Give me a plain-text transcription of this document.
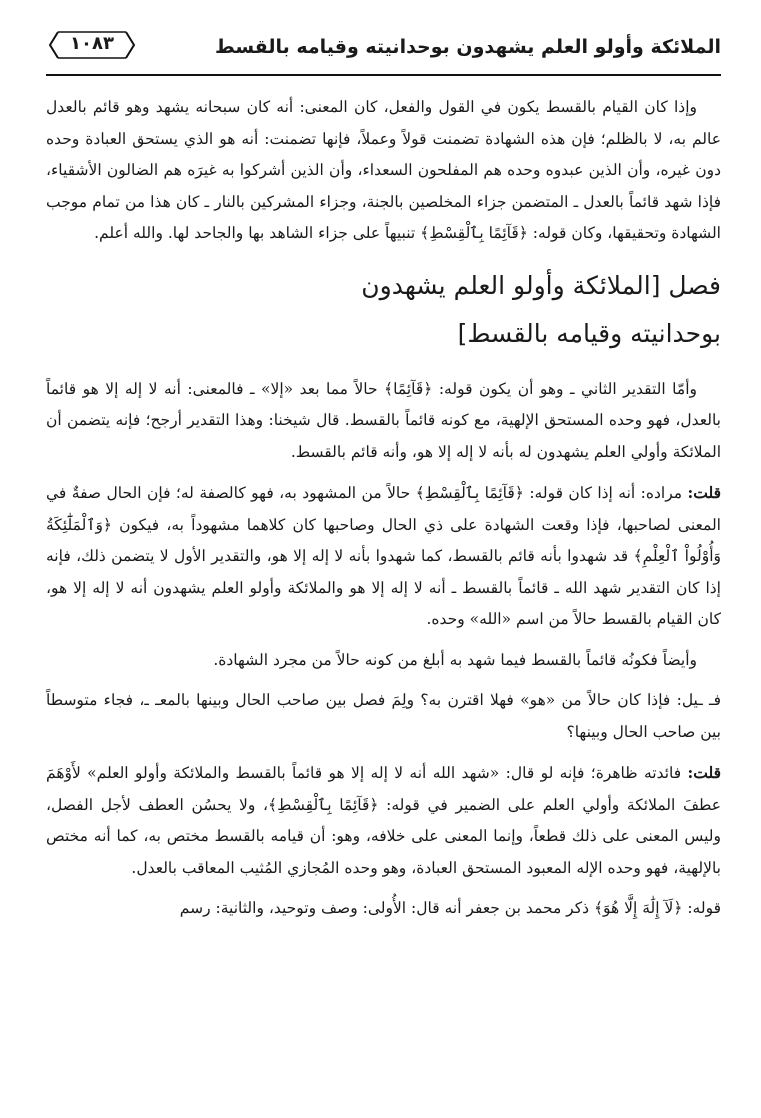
الملائكة وأولو العلم يشهدون بوحدانيته وقيامه بالقسط
١٠٨٣

وإذا كان القيام بالقسط يكون في القول والفعل، كان المعنى: أنه كان سبحانه يشهد وهو قائم بالعدل عالم به، لا بالظلم؛ فإن هذه الشهادة تضمنت قولاً وعملاً، فإنها تضمنت: أنه هو الذي يستحق العبادة وحده دون غيره، وأن الذين عبدوه وحده هم المفلحون السعداء، وأن الذين أشركوا به غيرَه هم الضالون الأشقياء، فإذا شهد قائماً بالعدل ـ المتضمن جزاء المخلصين بالجنة، وجزاء المشركين بالنار ـ كان هذا من تمام موجب الشهادة وتحقيقها، وكان قوله: ﴿قَآئِمًا بِٱلْقِسْطِ﴾ تنبيهاً على جزاء الشاهد بها والجاحد لها. والله أعلم.

فصل [الملائكة وأولو العلم يشهدون
بوحدانيته وقيامه بالقسط]

وأمّا التقدير الثاني ـ وهو أن يكون قوله: ﴿قَآئِمًا﴾ حالاً مما بعد «إلا» ـ فالمعنى: أنه لا إله إلا هو قائماً بالعدل، فهو وحده المستحق الإلهية، مع كونه قائماً بالقسط. قال شيخنا: وهذا التقدير أرجح؛ فإنه يتضمن أن الملائكة وأولي العلم يشهدون له بأنه لا إله إلا هو، وأنه قائم بالقسط.

قلت: مراده: أنه إذا كان قوله: ﴿قَآئِمًا بِٱلْقِسْطِ﴾ حالاً من المشهود به، فهو كالصفة له؛ فإن الحال صفةٌ في المعنى لصاحبها، فإذا وقعت الشهادة على ذي الحال وصاحبها كان كلاهما مشهوداً به، فيكون ﴿وَٱلْمَلَٰٓئِكَةُ وَأُوْلُواْ ٱلْعِلْمِ﴾ قد شهدوا بأنه قائم بالقسط، كما شهدوا بأنه لا إله إلا هو، والتقدير الأول لا يتضمن ذلك، فإنه إذا كان التقدير شهد الله ـ قائماً بالقسط ـ أنه لا إله إلا هو والملائكة وأولو العلم يشهدون أنه لا إله إلا هو، كان القيام بالقسط حالاً من اسم «الله» وحده.

وأيضاً فكونُه قائماً بالقسط فيما شهد به أبلغ من كونه حالاً من مجرد الشهادة.

فـ ـيل: فإذا كان حالاً من «هو» فهلا اقترن به؟ ولِمَ فصل بين صاحب الحال وبينها بالمعـ ـ، فجاء متوسطاً بين صاحب الحال وبينها؟

قلت: فائدته ظاهرة؛ فإنه لو قال: «شهد الله أنه لا إله إلا هو قائماً بالقسط والملائكة وأولو العلم» لأَوْهَمَ عطفَ الملائكة وأولي العلم على الضمير في قوله: ﴿قَآئِمًا بِٱلْقِسْطِ﴾، ولا يحسُن العطف لأجل الفصل، وليس المعنى على ذلك قطعاً، وإنما المعنى على خلافه، وهو: أن قيامه بالقسط مختص به، كما أنه مختص بالإلهية، فهو وحده الإله المعبود المستحق العبادة، وهو وحده المُجازي المُثيب المعاقب بالعدل.

قوله: ﴿لَآ إِلَٰهَ إِلَّا هُوَ﴾ ذكر محمد بن جعفر أنه قال: الأُولى: وصف وتوحيد، والثانية: رسم
